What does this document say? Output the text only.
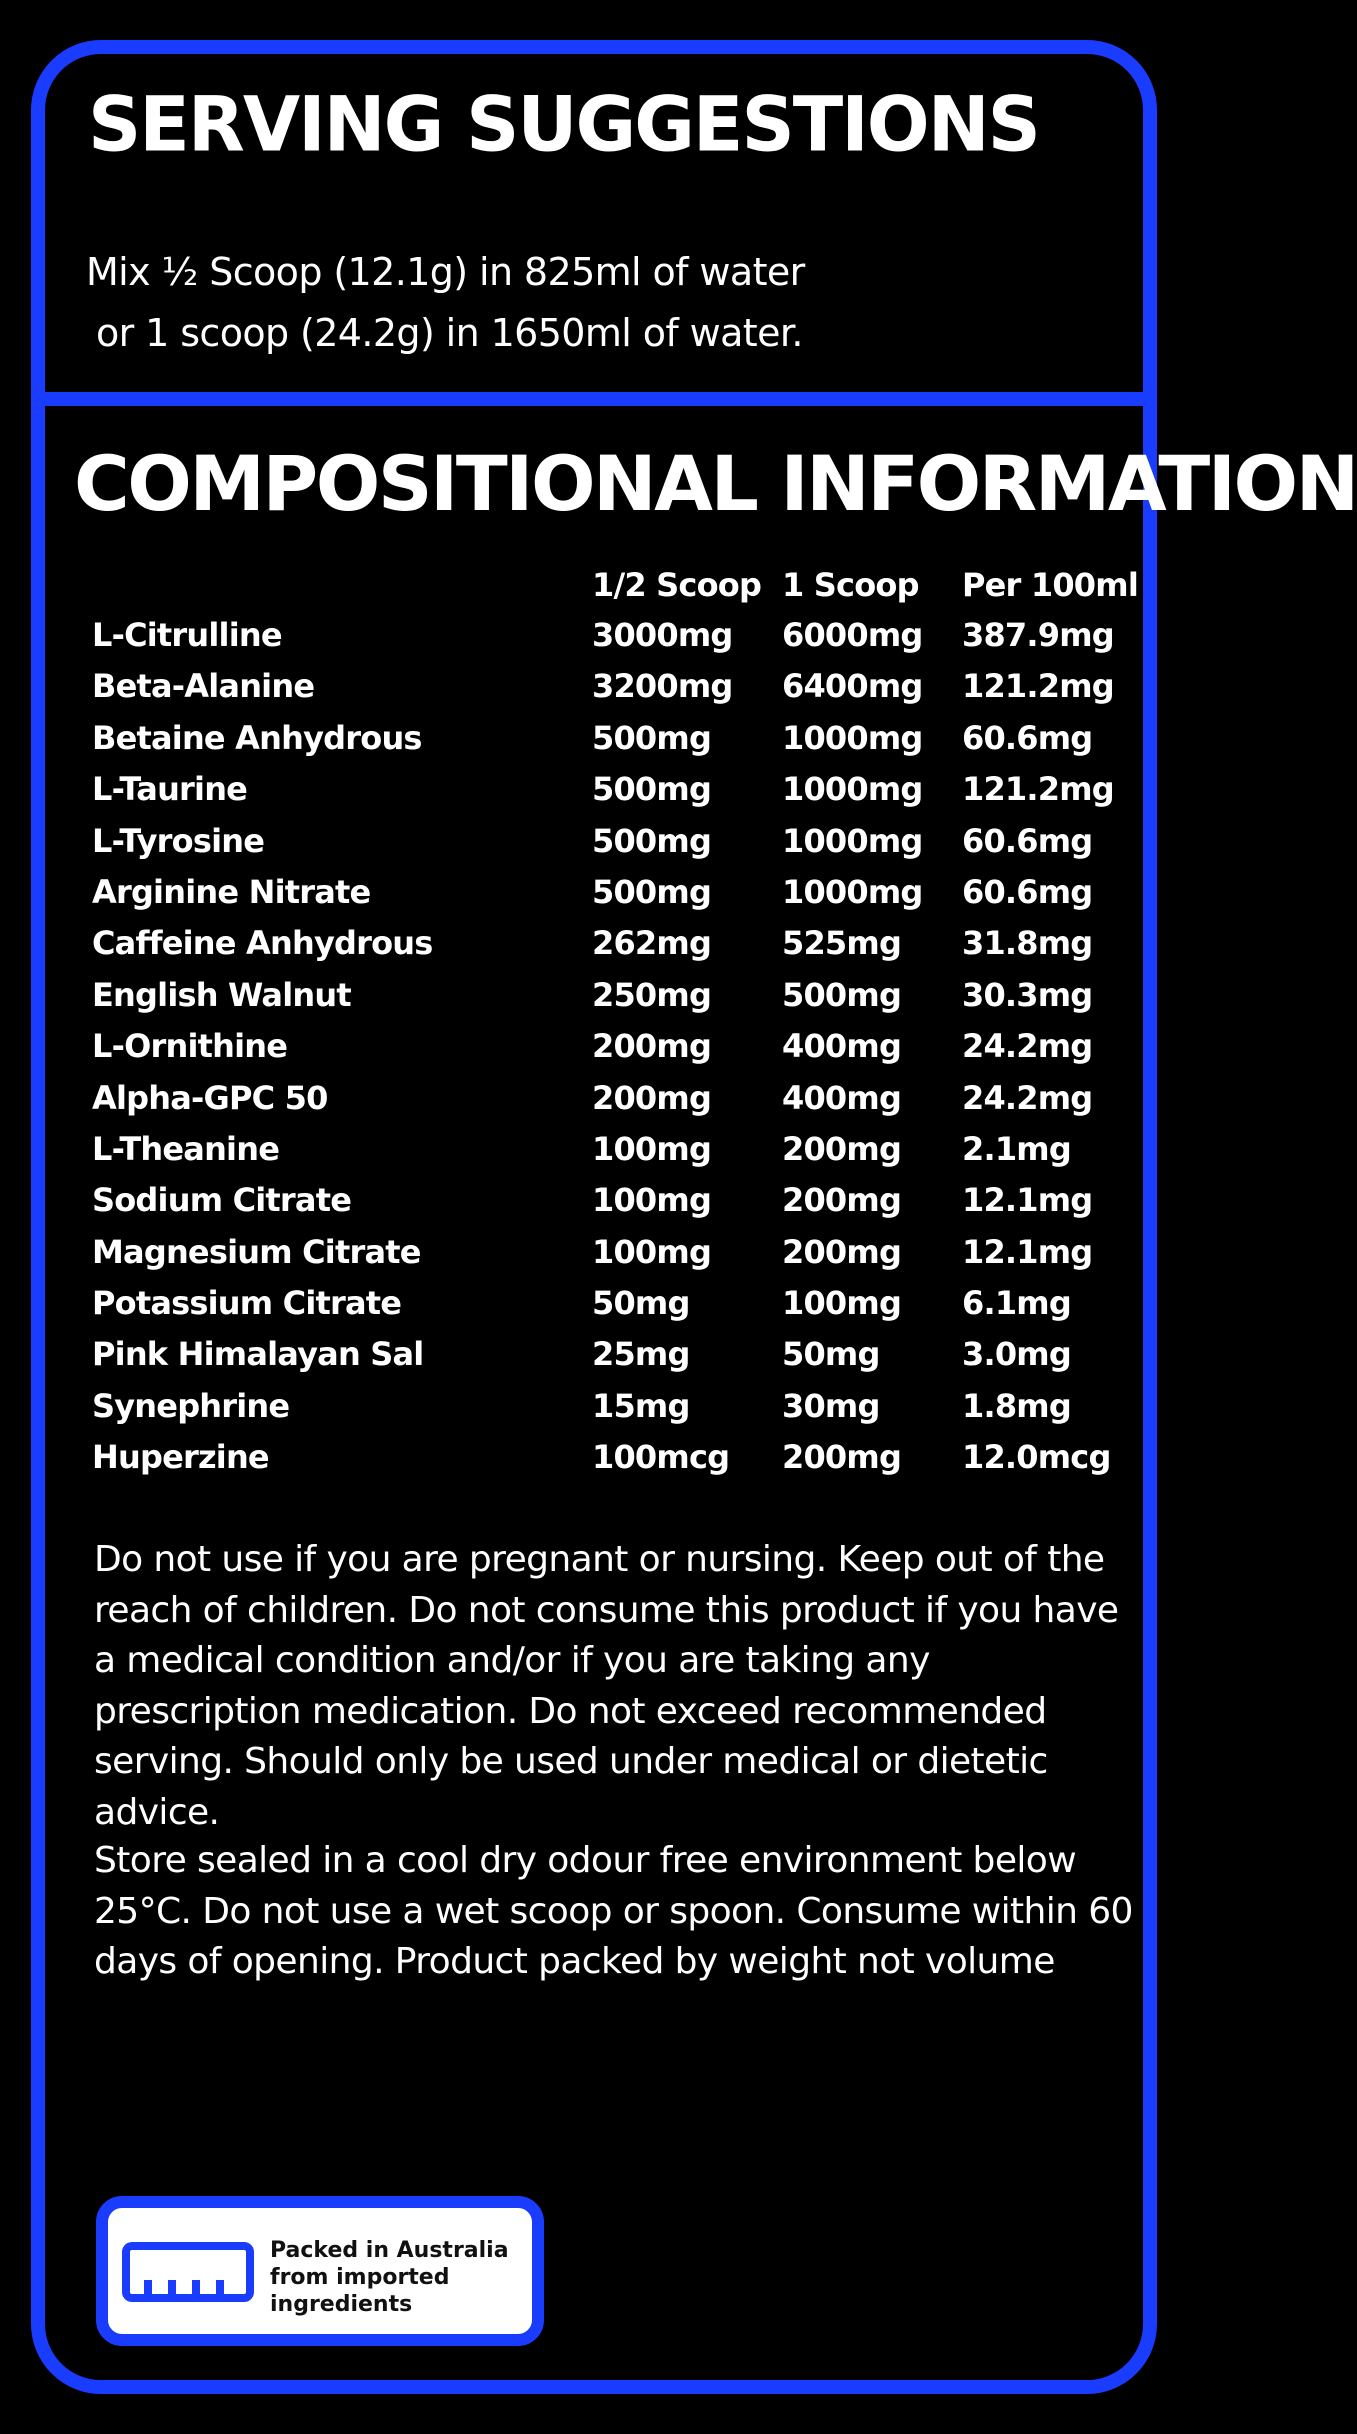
SERVING SUGGESTIONS

Mix ½ Scoop (12.1g) in 825ml of water

or 1 scoop (24.2g) in 1650ml of water.

COMPOSITIONAL INFORMATION
1/2 Scoop 1 Scoop Per 100ml
L-Citrulline	3000mg 6000mg 387.9mg
Beta-Alanine	3200mg 6400mg 121.2mg
Betaine Anhydrous	500mg 1000mg 60.6mg
L-Taurine	500mg 1000mg 121.2mg
L-Tyrosine	500mg 1000mg 60.6mg
Arginine Nitrate	500mg 1000mg 60.6mg
Caffeine Anhydrous	262mg 525mg 31.8mg
English Walnut	250mg 500mg 30.3mg
L-Ornithine	200mg 400mg 24.2mg
Alpha-GPC 50	200mg 400mg 24.2mg
L-Theanine	100mg 200mg 2.1mg
Sodium Citrate	100mg 200mg 12.1mg
Magnesium Citrate	100mg 200mg 12.1mg
Potassium Citrate	50mg	100mg 6.1mg
Pink Himalayan Sal	25mg	50mg	3.0mg
Synephrine	15mg	30mg	1.8mg
Huperzine	100mcg 200mg 12.0mcg

Do not use if you are pregnant or nursing. Keep out of the reach of children. Do not consume this product if you have a medical condition and/or if you are taking any prescription medication. Do not exceed recommended serving. Should only be used under medical or dietetic advice.

Store sealed in a cool dry odour free environment below 25°C. Do not use a wet scoop or spoon. Consume within 60 days of opening. Product packed by weight not volume

Packed in Australia
from imported
ingredients
